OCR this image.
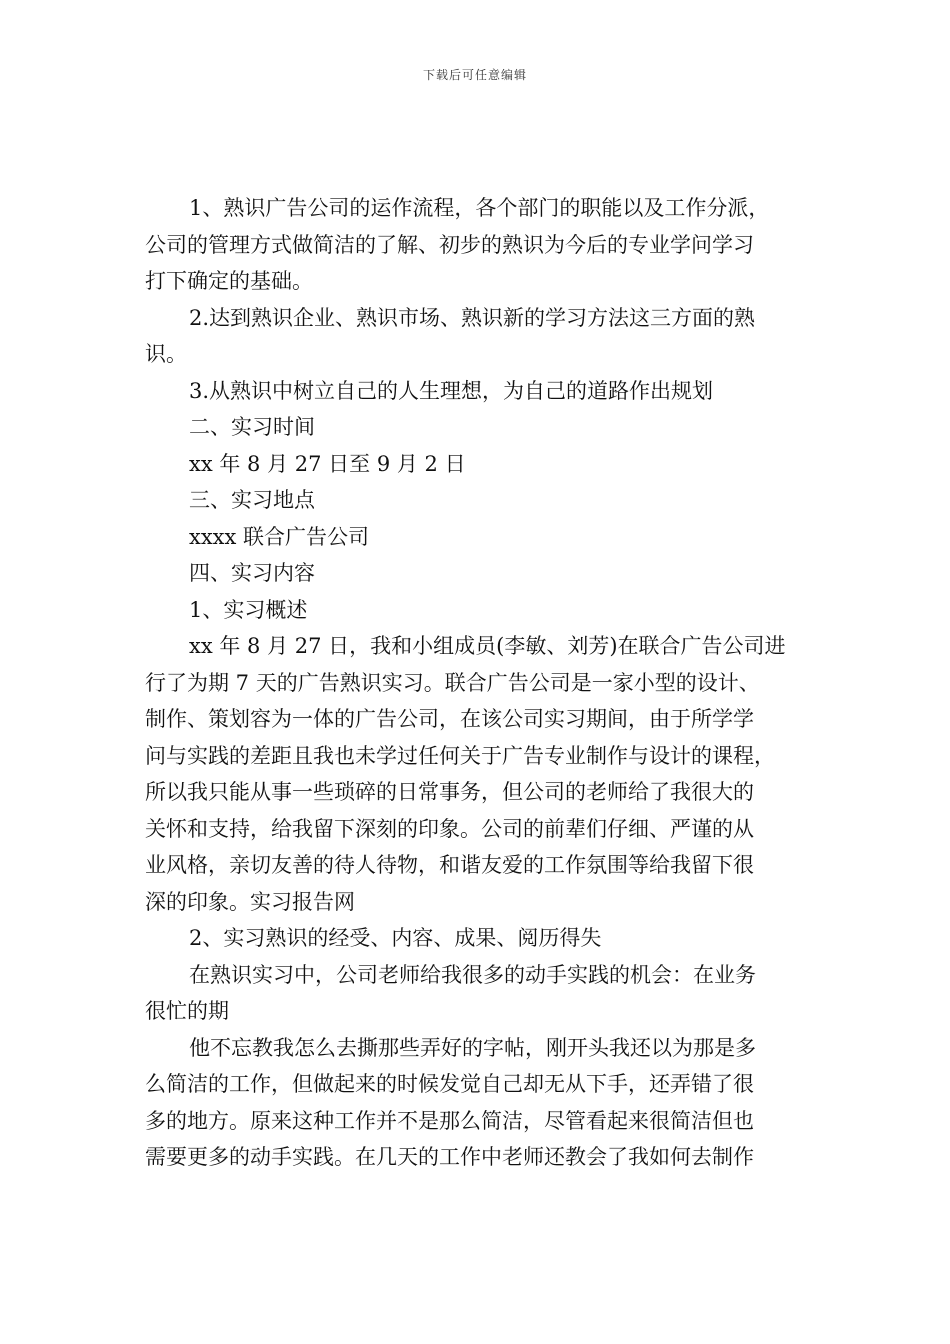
下载后可任意编辑

1、熟识广告公司的运作流程，各个部门的职能以及工作分派，

公司的管理方式做简洁的了解、初步的熟识为今后的专业学问学习

打下确定的基础。

2.达到熟识企业、熟识市场、熟识新的学习方法这三方面的熟

识。

3.从熟识中树立自己的人生理想，为自己的道路作出规划

二、实习时间

xx 年 8 月 27 日至 9 月 2 日

三、实习地点

xxxx 联合广告公司

四、实习内容

1、实习概述

xx 年 8 月 27 日，我和小组成员(李敏、刘芳)在联合广告公司进

行了为期 7 天的广告熟识实习。联合广告公司是一家小型的设计、

制作、策划容为一体的广告公司，在该公司实习期间，由于所学学

问与实践的差距且我也未学过任何关于广告专业制作与设计的课程，

所以我只能从事一些琐碎的日常事务，但公司的老师给了我很大的

关怀和支持，给我留下深刻的印象。公司的前辈们仔细、严谨的从

业风格，亲切友善的待人待物，和谐友爱的工作氛围等给我留下很

深的印象。实习报告网

2、实习熟识的经受、内容、成果、阅历得失

在熟识实习中，公司老师给我很多的动手实践的机会：在业务

很忙的期

他不忘教我怎么去撕那些弄好的字帖，刚开头我还以为那是多

么简洁的工作，但做起来的时候发觉自己却无从下手，还弄错了很

多的地方。原来这种工作并不是那么简洁，尽管看起来很简洁但也

需要更多的动手实践。在几天的工作中老师还教会了我如何去制作
